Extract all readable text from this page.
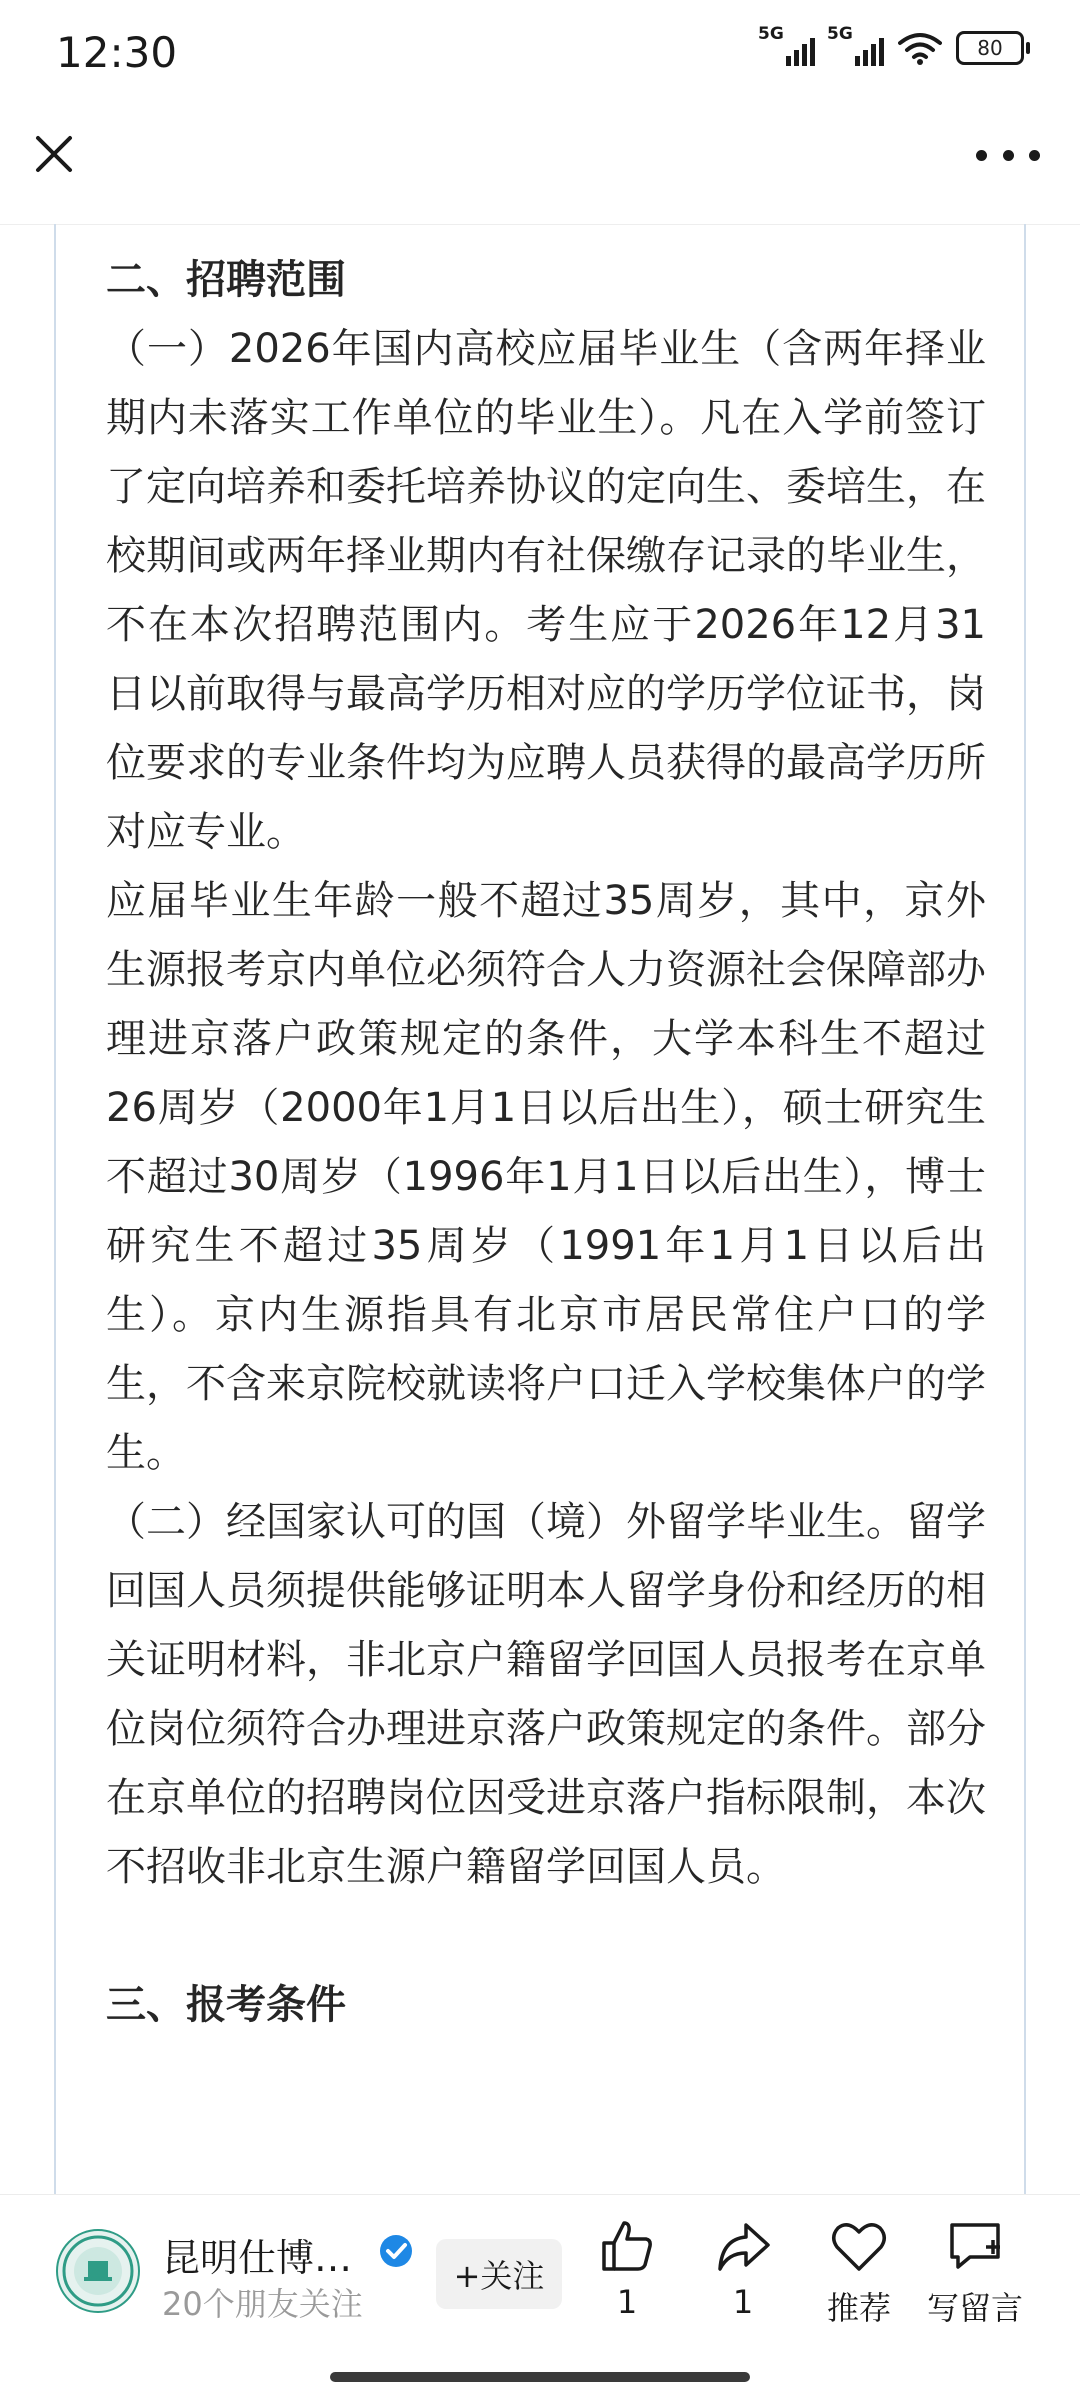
12:30	5G	5G
80

二、招聘范围

（一）2026年国内高校应届毕业生（含两年择业期内未落实工作单位的毕业生）。凡在入学前签订了定向培养和委托培养协议的定向生、委培生，在校期间或两年择业期内有社保缴存记录的毕业生，不在本次招聘范围内。考生应于2026年12月31日以前取得与最高学历相对应的学历学位证书，岗位要求的专业条件均为应聘人员获得的最高学历所对应专业。

应届毕业生年龄一般不超过35周岁，其中，京外生源报考京内单位必须符合人力资源社会保障部办理进京落户政策规定的条件，大学本科生不超过26周岁（2000年1月1日以后出生），硕士研究生不超过30周岁（1996年1月1日以后出生），博士研究生不超过35周岁（1991年1月1日以后出生）。京内生源指具有北京市居民常住户口的学生，不含来京院校就读将户口迁入学校集体户的学生。

（二）经国家认可的国（境）外留学毕业生。留学回国人员须提供能够证明本人留学身份和经历的相关证明材料，非北京户籍留学回国人员报考在京单位岗位须符合办理进京落户政策规定的条件。部分在京单位的招聘岗位因受进京落户指标限制，本次不招收非北京生源户籍留学回国人员。

三、报考条件

昆明仕博…
20个朋友关注
+关注
1	1	推荐	写留言
